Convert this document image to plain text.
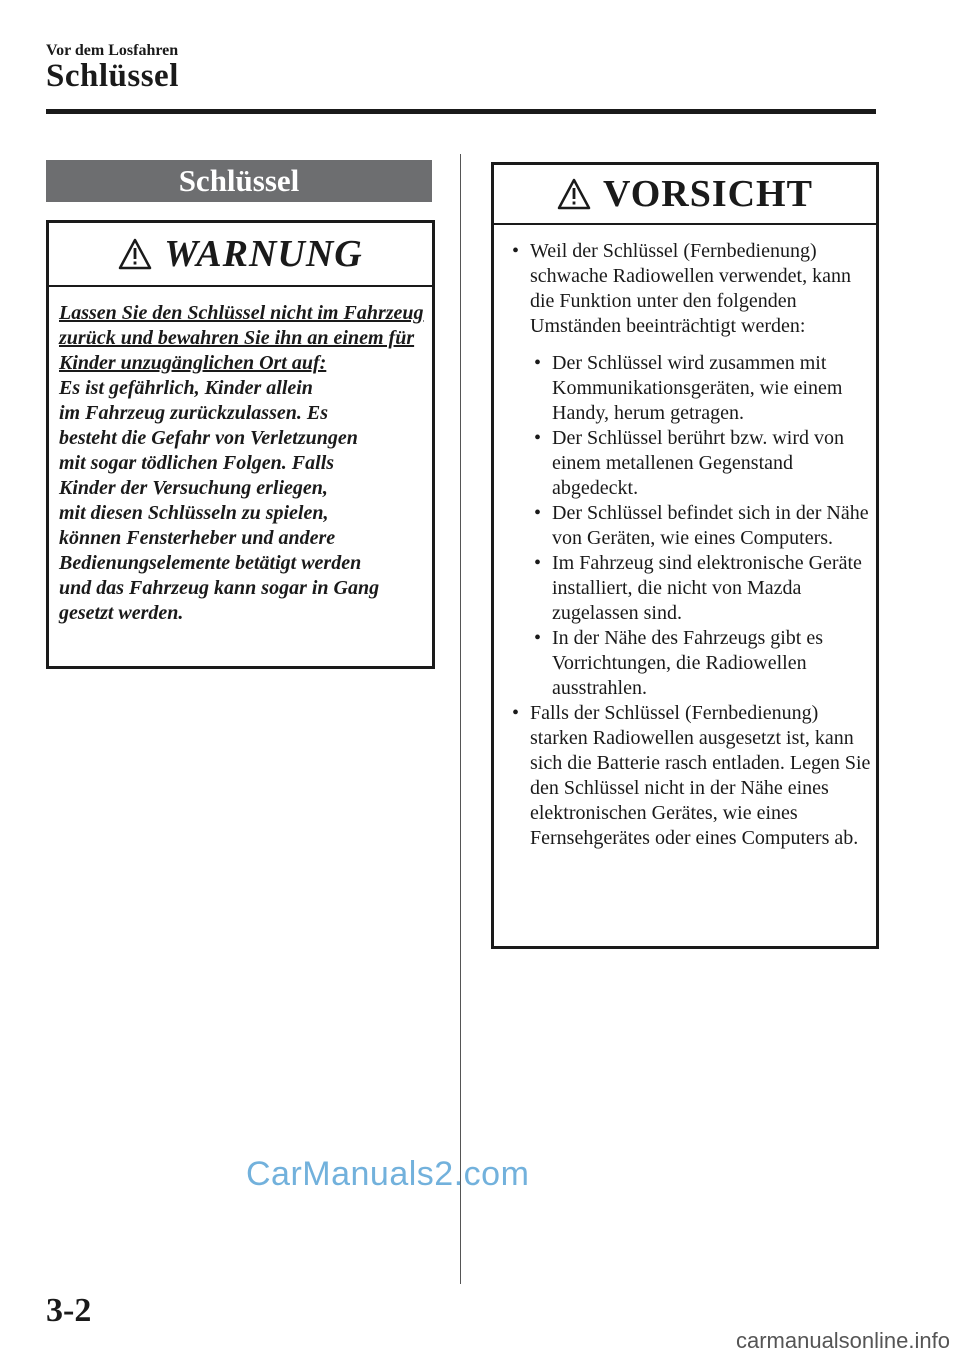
Vor dem Losfahren
Schlüssel
Schlüssel
WARNUNG
Lassen Sie den Schlüssel nicht im Fahrzeug zurück und bewahren Sie ihn an einem für Kinder unzugänglichen Ort auf:
Es ist gefährlich, Kinder allein
im Fahrzeug zurückzulassen. Es
besteht die Gefahr von Verletzungen
mit sogar tödlichen Folgen. Falls
Kinder der Versuchung erliegen,
mit diesen Schlüsseln zu spielen,
können Fensterheber und andere
Bedienungselemente betätigt werden
und das Fahrzeug kann sogar in Gang
gesetzt werden.
VORSICHT
• Weil der Schlüssel (Fernbedienung) schwache Radiowellen verwendet, kann die Funktion unter den folgenden Umständen beeinträchtigt werden:
• Der Schlüssel wird zusammen mit Kommunikationsgeräten, wie einem Handy, herum getragen.
• Der Schlüssel berührt bzw. wird von einem metallenen Gegenstand abgedeckt.
• Der Schlüssel befindet sich in der Nähe von Geräten, wie eines Computers.
• Im Fahrzeug sind elektronische Geräte installiert, die nicht von Mazda zugelassen sind.
• In der Nähe des Fahrzeugs gibt es Vorrichtungen, die Radiowellen ausstrahlen.
• Falls der Schlüssel (Fernbedienung) starken Radiowellen ausgesetzt ist, kann sich die Batterie rasch entladen. Legen Sie den Schlüssel nicht in der Nähe eines elektronischen Gerätes, wie eines Fernsehgerätes oder eines Computers ab.
CarManuals2.com
3-2
carmanualsonline.info
